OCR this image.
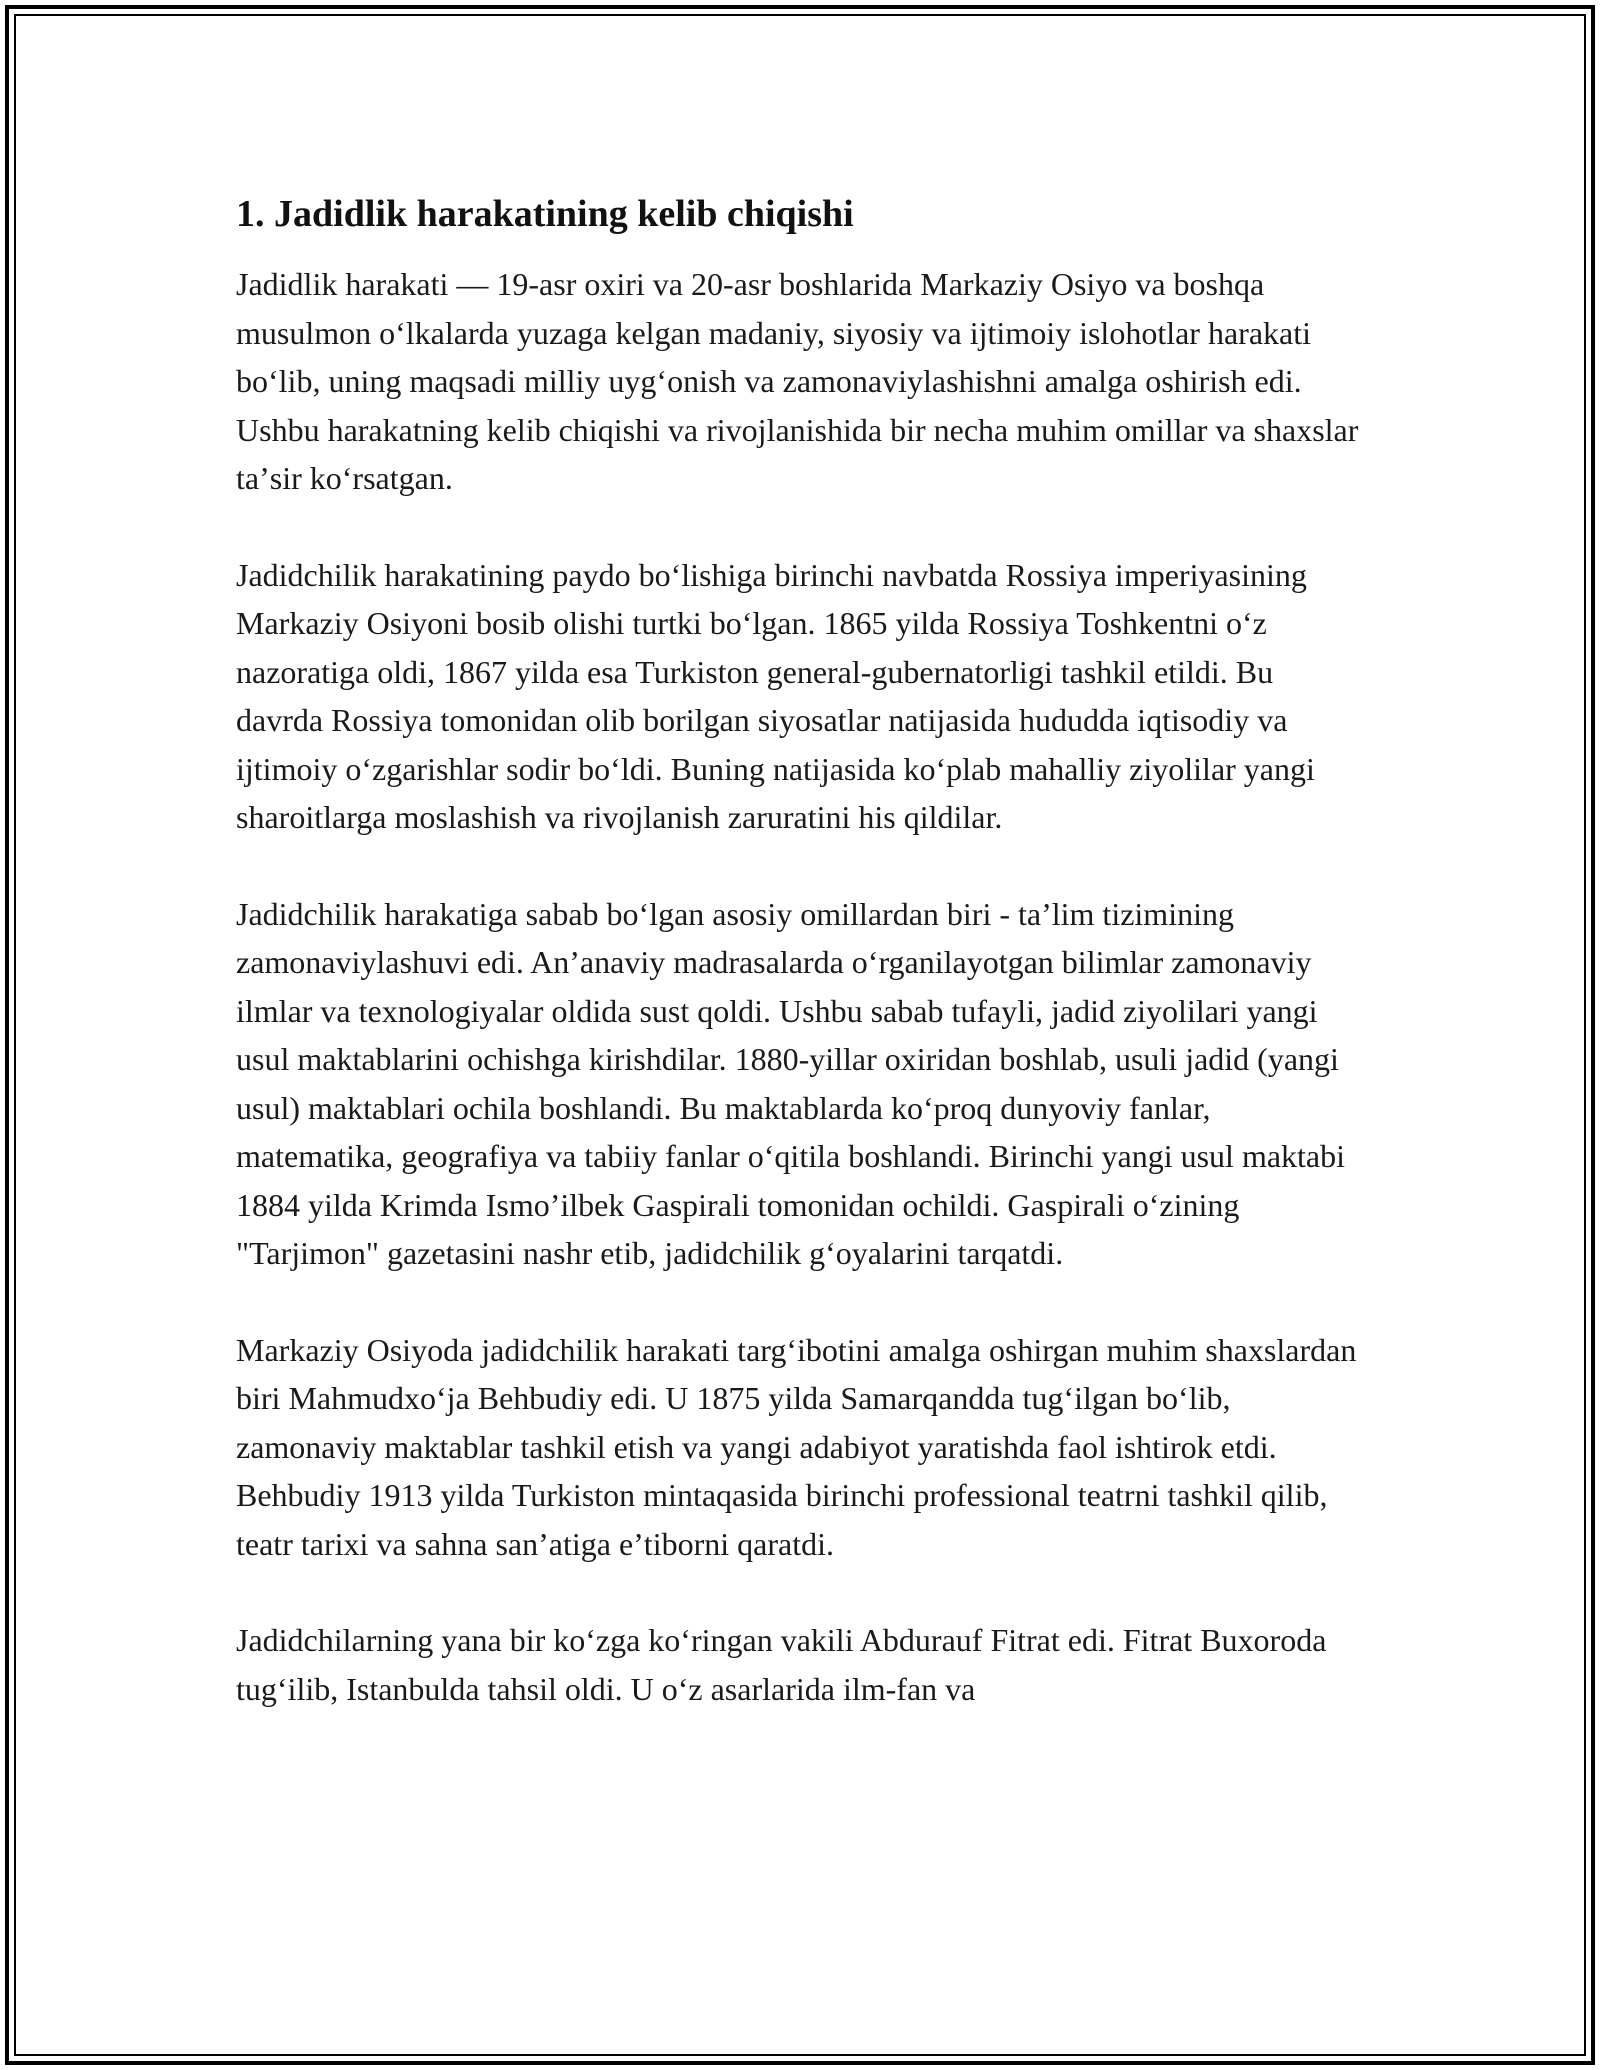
1. Jadidlik harakatining kelib chiqishi

Jadidlik harakati — 19-asr oxiri va 20-asr boshlarida Markaziy Osiyo va boshqa musulmon oʻlkalarda yuzaga kelgan madaniy, siyosiy va ijtimoiy islohotlar harakati boʻlib, uning maqsadi milliy uygʻonish va zamonaviylashishni amalga oshirish edi. Ushbu harakatning kelib chiqishi va rivojlanishida bir necha muhim omillar va shaxslar taʼsir koʻrsatgan.

Jadidchilik harakatining paydo boʻlishiga birinchi navbatda Rossiya imperiyasining Markaziy Osiyoni bosib olishi turtki boʻlgan. 1865 yilda Rossiya Toshkentni oʻz nazoratiga oldi, 1867 yilda esa Turkiston general-gubernatorligi tashkil etildi. Bu davrda Rossiya tomonidan olib borilgan siyosatlar natijasida hududda iqtisodiy va ijtimoiy oʻzgarishlar sodir boʻldi. Buning natijasida koʻplab mahalliy ziyolilar yangi sharoitlarga moslashish va rivojlanish zaruratini his qildilar.

Jadidchilik harakatiga sabab boʻlgan asosiy omillardan biri - taʼlim tizimining zamonaviylashuvi edi. Anʼanaviy madrasalarda oʻrganilayotgan bilimlar zamonaviy ilmlar va texnologiyalar oldida sust qoldi. Ushbu sabab tufayli, jadid ziyolilari yangi usul maktablarini ochishga kirishdilar. 1880-yillar oxiridan boshlab, usuli jadid (yangi usul) maktablari ochila boshlandi. Bu maktablarda koʻproq dunyoviy fanlar, matematika, geografiya va tabiiy fanlar oʻqitila boshlandi. Birinchi yangi usul maktabi 1884 yilda Krimda Ismoʼilbek Gaspirali tomonidan ochildi. Gaspirali oʻzining "Tarjimon" gazetasini nashr etib, jadidchilik gʻoyalarini tarqatdi.

Markaziy Osiyoda jadidchilik harakati targʻibotini amalga oshirgan muhim shaxslardan biri Mahmudxoʻja Behbudiy edi. U 1875 yilda Samarqandda tugʻilgan boʻlib, zamonaviy maktablar tashkil etish va yangi adabiyot yaratishda faol ishtirok etdi. Behbudiy 1913 yilda Turkiston mintaqasida birinchi professional teatrni tashkil qilib, teatr tarixi va sahna sanʼatiga eʼtiborni qaratdi.

Jadidchilarning yana bir koʻzga koʻringan vakili Abdurauf Fitrat edi. Fitrat Buxoroda tugʻilib, Istanbulda tahsil oldi. U oʻz asarlarida ilm-fan va
